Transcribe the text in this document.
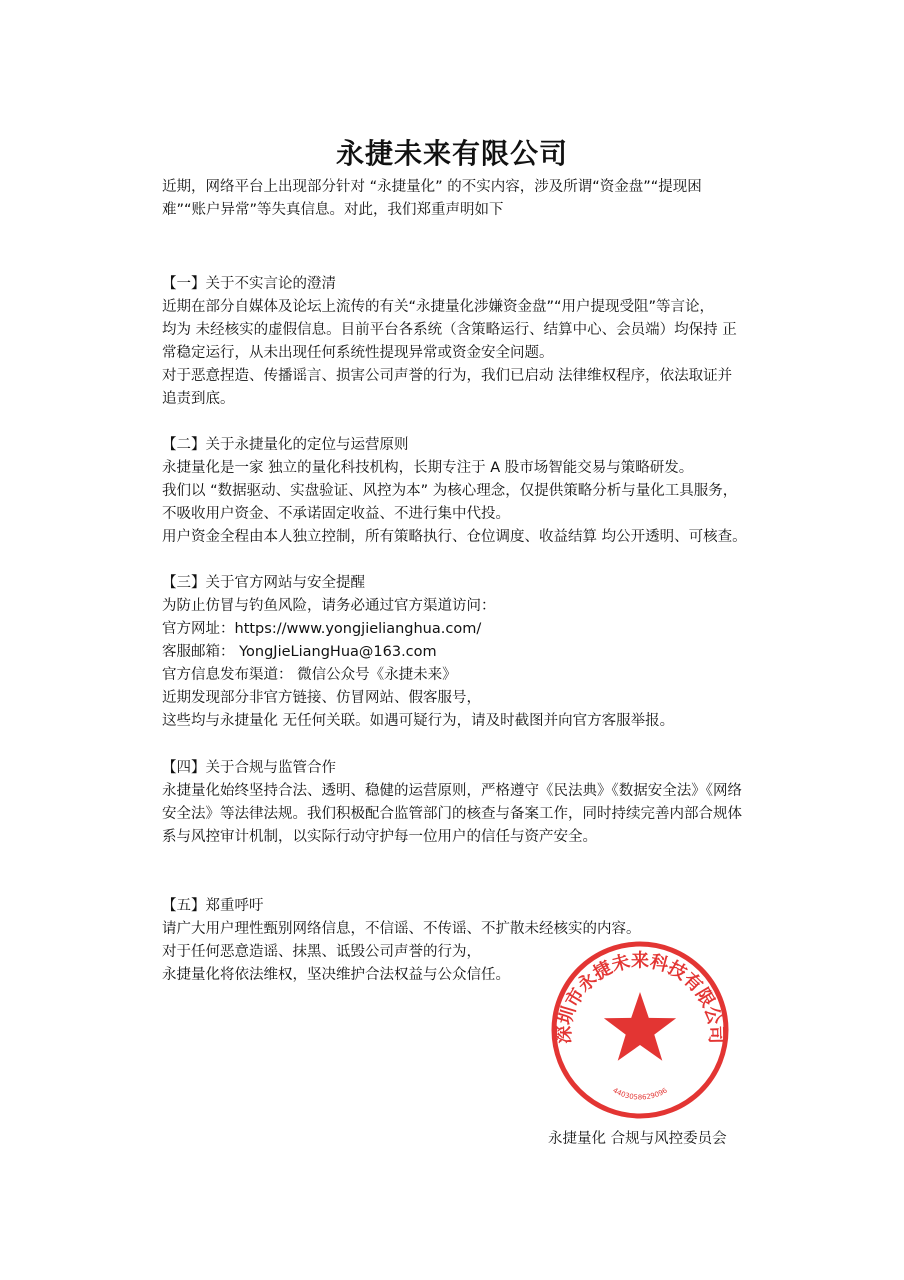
永捷未来有限公司
近期，网络平台上出现部分针对 “永捷量化” 的不实内容，涉及所谓“资金盘”“提现困
难”“账户异常”等失真信息。对此，我们郑重声明如下
【一】关于不实言论的澄清
近期在部分自媒体及论坛上流传的有关“永捷量化涉嫌资金盘”“用户提现受阻”等言论，
均为 未经核实的虚假信息。目前平台各系统（含策略运行、结算中心、会员端）均保持 正
常稳定运行，从未出现任何系统性提现异常或资金安全问题。
对于恶意捏造、传播谣言、损害公司声誉的行为，我们已启动 法律维权程序，依法取证并
追责到底。
【二】关于永捷量化的定位与运营原则
永捷量化是一家 独立的量化科技机构，长期专注于 A 股市场智能交易与策略研发。
我们以 “数据驱动、实盘验证、风控为本” 为核心理念，仅提供策略分析与量化工具服务，
不吸收用户资金、不承诺固定收益、不进行集中代投。
用户资金全程由本人独立控制，所有策略执行、仓位调度、收益结算 均公开透明、可核查。
【三】关于官方网站与安全提醒
为防止仿冒与钓鱼风险，请务必通过官方渠道访问：
官方网址：https://www.yongjielianghua.com/
客服邮箱： YongJieLiangHua@163.com
官方信息发布渠道： 微信公众号《永捷未来》
近期发现部分非官方链接、仿冒网站、假客服号，
这些均与永捷量化 无任何关联。如遇可疑行为，请及时截图并向官方客服举报。
【四】关于合规与监管合作
永捷量化始终坚持合法、透明、稳健的运营原则，严格遵守《民法典》《数据安全法》《网络
安全法》等法律法规。我们积极配合监管部门的核查与备案工作，同时持续完善内部合规体
系与风控审计机制，以实际行动守护每一位用户的信任与资产安全。
【五】郑重呼吁
请广大用户理性甄别网络信息，不信谣、不传谣、不扩散未经核实的内容。
对于任何恶意造谣、抹黑、诋毁公司声誉的行为，
永捷量化将依法维权，坚决维护合法权益与公众信任。
永捷量化 合规与风控委员会
深圳市永捷未来科技有限公司
4403058629096
